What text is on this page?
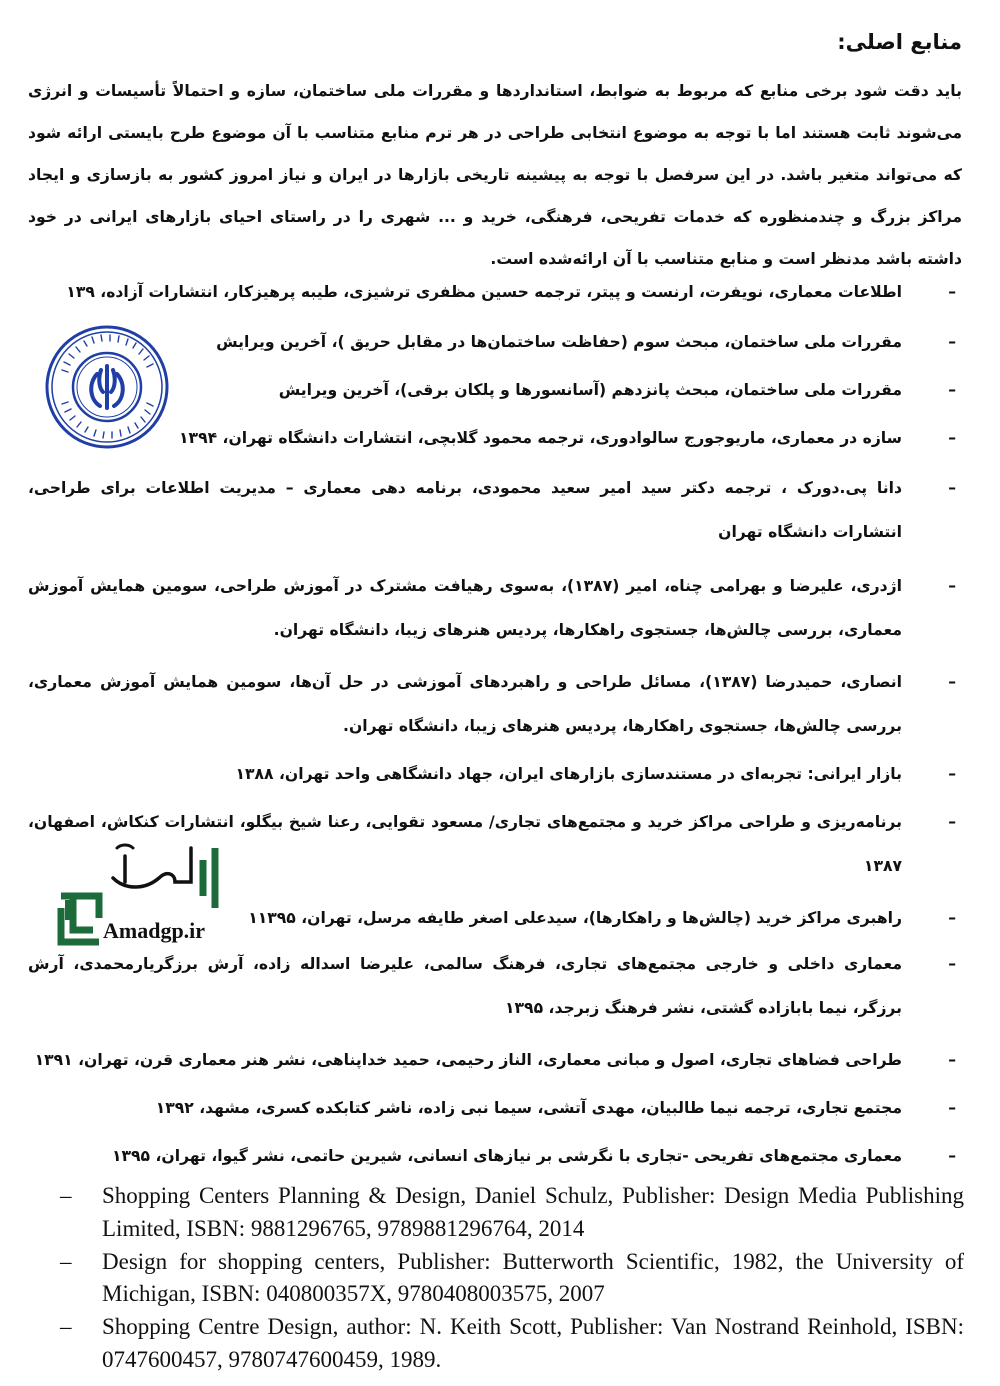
منابع اصلی:

باید دقت شود برخی منابع که مربوط به ضوابط، استانداردها و مقررات ملی ساختمان، سازه و احتمالاً تأسیسات و انرژی می‌شوند ثابت هستند اما با توجه به موضوع انتخابی طراحی در هر ترم منابع متناسب با آن موضوع طرح بایستی ارائه شود که می‌تواند متغیر باشد. در این سرفصل با توجه به پیشینه تاریخی بازارها در ایران و نیاز امروز کشور به بازسازی و ایجاد مراکز بزرگ و چندمنظوره که خدمات تفریحی، فرهنگی، خرید و ... شهری را در راستای احیای بازارهای ایرانی در خود داشته باشد مدنظر است و منابع متناسب با آن ارائه‌شده است.

–
اطلاعات معماری، نویفرت، ارنست و پیتر، ترجمه حسین مظفری ترشیزی، طیبه پرهیزکار، انتشارات آزاده، ۱۳۹
–
مقررات ملی ساختمان، مبحث سوم (حفاظت ساختمان‌ها در مقابل حریق )، آخرین ویرایش
–
مقررات ملی ساختمان، مبحث پانزدهم (آسانسورها و پلکان برقی)، آخرین ویرایش
–
سازه در معماری، ماریوجورج سالوادوری، ترجمه محمود گلابچی، انتشارات دانشگاه تهران، ۱۳۹۴
–
دانا پی.دورک ، ترجمه دکتر سید امیر سعید محمودی، برنامه دهی معماری – مدیریت اطلاعات برای طراحی، انتشارات دانشگاه تهران
–
اژدری، علیرضا و بهرامی چناه، امیر (۱۳۸۷)، به‌سوی رهیافت مشترک در آموزش طراحی، سومین همایش آموزش معماری، بررسی چالش‌ها، جستجوی راهکارها، پردیس هنرهای زیبا، دانشگاه تهران.
–
انصاری، حمیدرضا (۱۳۸۷)، مسائل طراحی و راهبردهای آموزشی در حل آن‌ها، سومین همایش آموزش معماری، بررسی چالش‌ها، جستجوی راهکارها، پردیس هنرهای زیبا، دانشگاه تهران.
–
بازار ایرانی: تجربه‌ای در مستندسازی بازارهای ایران، جهاد دانشگاهی واحد تهران، ۱۳۸۸
–
برنامه‌ریزی و طراحی مراکز خرید و مجتمع‌های تجاری/ مسعود تقوایی، رعنا شیخ بیگلو، انتشارات کنکاش، اصفهان، ۱۳۸۷
–
راهبری مراکز خرید (چالش‌ها و راهکارها)، سیدعلی اصغر طایفه مرسل، تهران، ۱۱۳۹۵
–
معماری داخلی و خارجی مجتمع‌های تجاری، فرهنگ سالمی، علیرضا اسداله زاده، آرش برزگریارمحمدی، آرش برزگر، نیما بابازاده گشتی، نشر فرهنگ زبرجد، ۱۳۹۵
–
طراحی فضاهای تجاری، اصول و مبانی معماری، الناز رحیمی، حمید خداپناهی، نشر هنر معماری قرن، تهران، ۱۳۹۱
–
مجتمع تجاری، ترجمه نیما طالبیان، مهدی آتشی، سیما نبی زاده، ناشر کتابکده کسری، مشهد، ۱۳۹۲
–
معماری مجتمع‌های تفریحی -تجاری با نگرشی بر نیازهای انسانی، شیرین حاتمی، نشر گیوا، تهران، ۱۳۹۵
– Shopping Centers Planning & Design, Daniel Schulz, Publisher: Design Media Publishing Limited, ISBN: 9881296765, 9789881296764, 2014
– Design for shopping centers, Publisher: Butterworth Scientific, 1982, the University of Michigan, ISBN: 040800357X, 9780408003575, 2007
– Shopping Centre Design, author: N. Keith Scott, Publisher: Van Nostrand Reinhold, ISBN: 0747600457, 9780747600459, 1989.
Amadgp.ir
